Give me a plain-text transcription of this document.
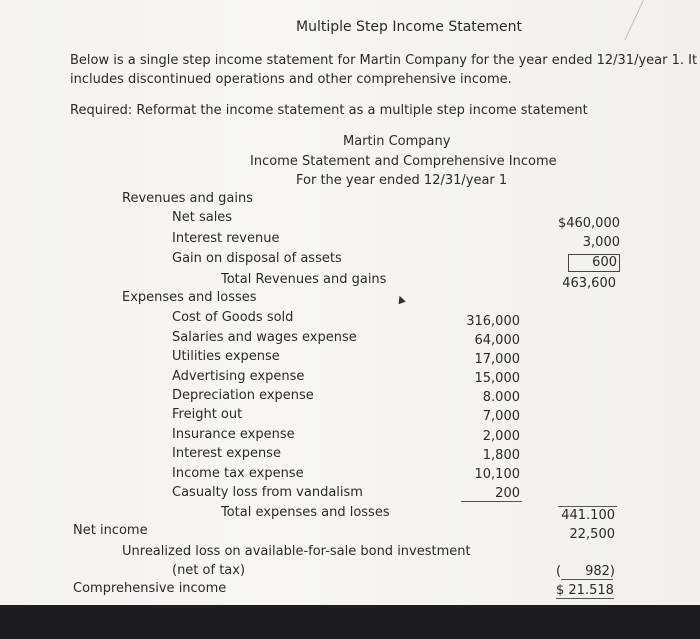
Multiple Step Income Statement
Below is a single step income statement for Martin Company for the year ended 12/31/year 1. It
includes discontinued operations and other comprehensive income.
Required: Reformat the income statement as a multiple step income statement
Martin Company
Income Statement and Comprehensive Income
For the year ended 12/31/year 1
Revenues and gains
Net sales	$460,000
Interest revenue	3,000
Gain on disposal of assets	600
Total Revenues and gains	463,600
Expenses and losses	▲
Cost of Goods sold	316,000
Salaries and wages expense	64,000
Utilities expense	17,000
Advertising expense	15,000
Depreciation expense	8.000
Freight out	7,000
Insurance expense	2,000
Interest expense	1,800
Income tax expense	10,100
Casualty loss from vandalism	200
Total expenses and losses	441.100
Net income	22,500
Unrealized loss on available-for-sale bond investment
(net of tax)	(	982)
Comprehensive income	$ 21.518
